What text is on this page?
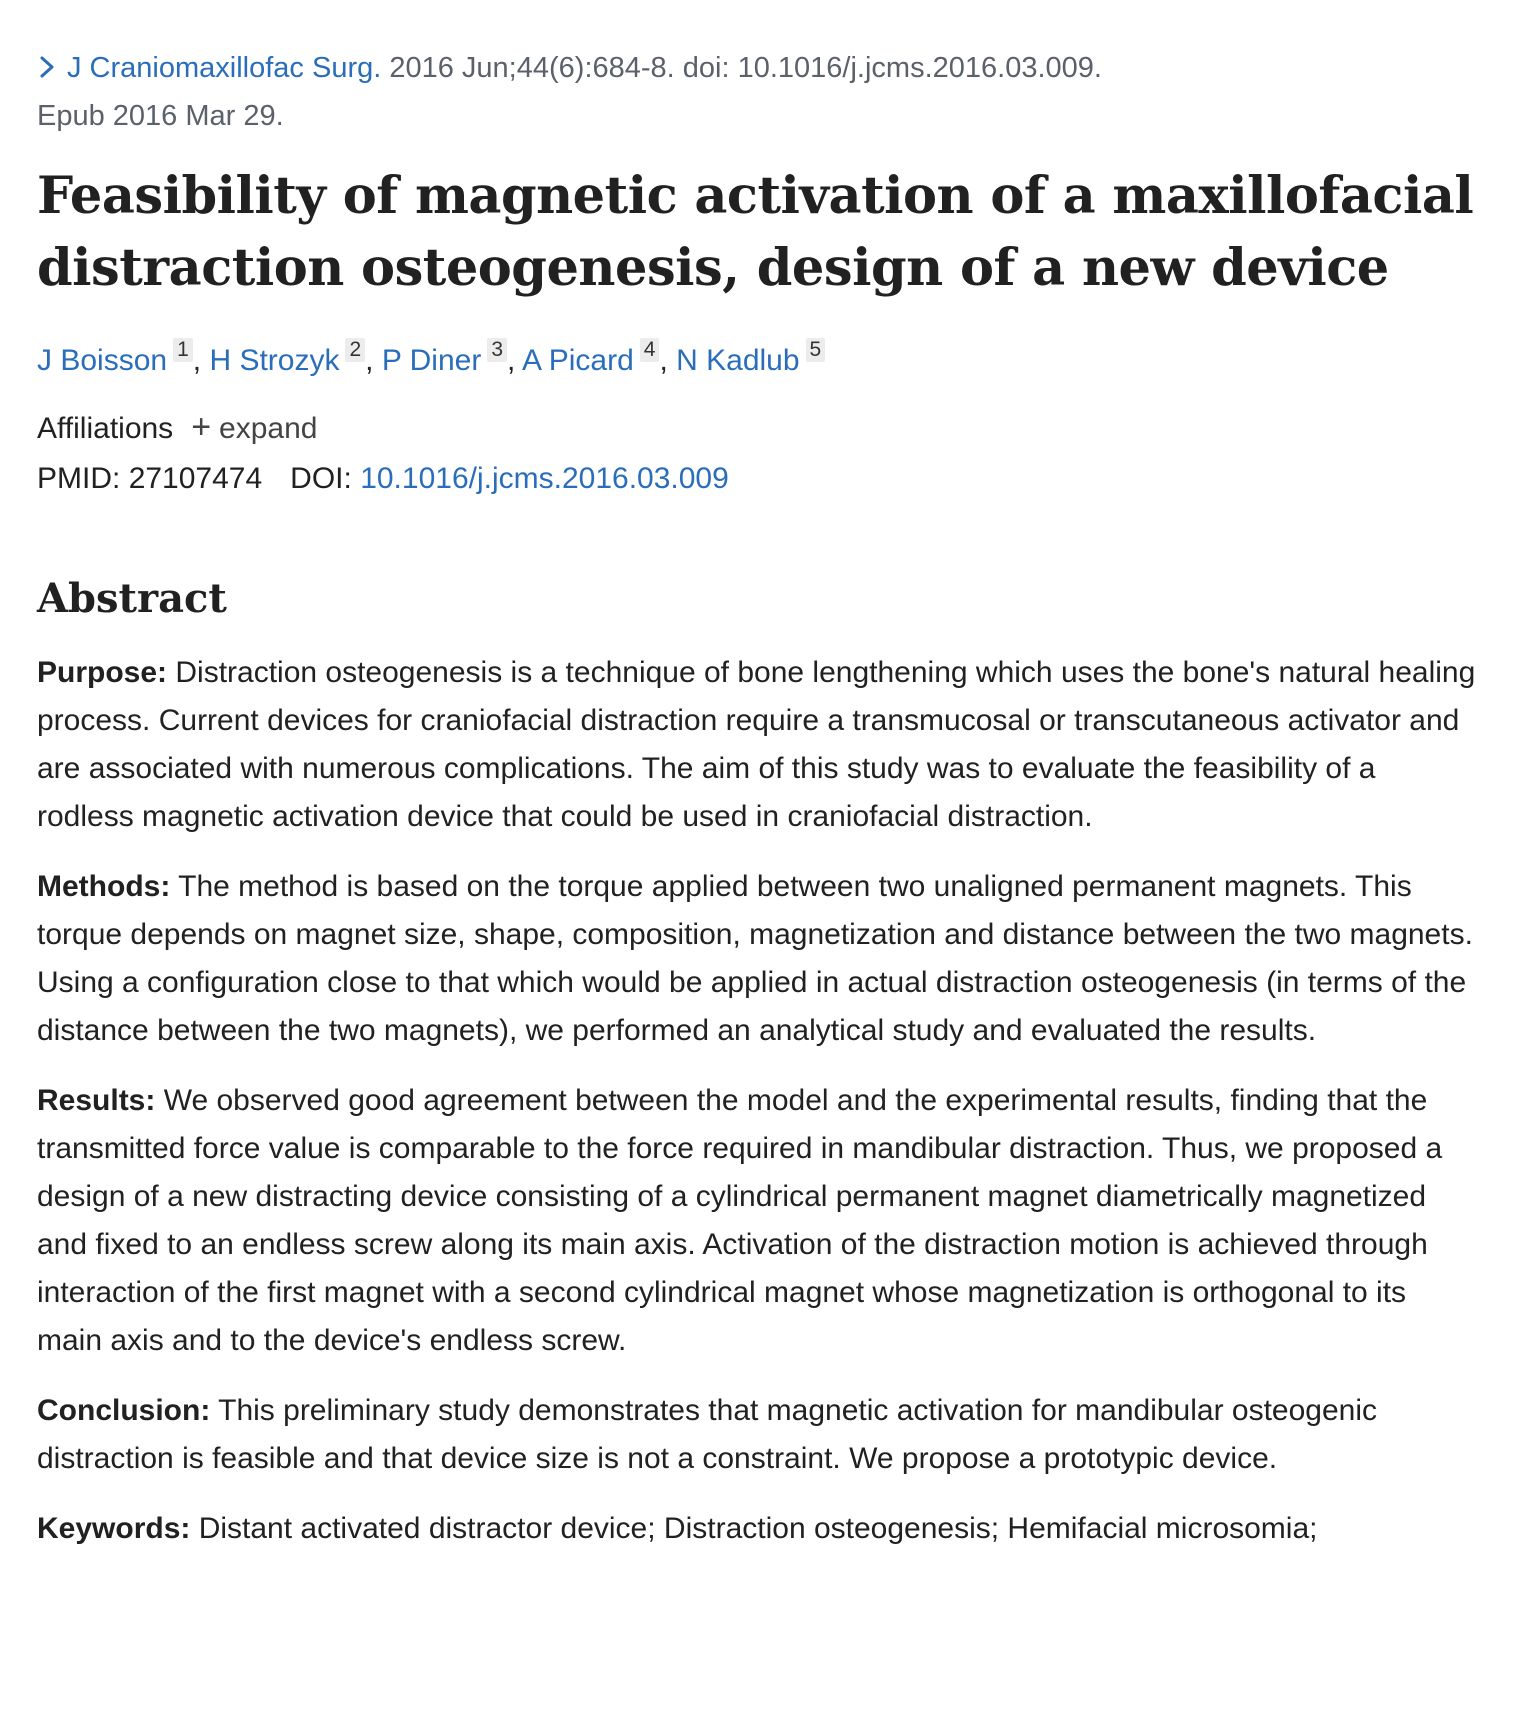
J Craniomaxillofac Surg. 2016 Jun;44(6):684-8. doi: 10.1016/j.jcms.2016.03.009.
Epub 2016 Mar 29.
Feasibility of magnetic activation of a maxillofacial distraction osteogenesis, design of a new device
J Boisson $^1$ , H Strozyk $^2$ , P Diner $^3$ , A Picard $^4$ , N Kadlub $^5$
Affiliations + expand
PMID: 27107474 DOI: 10.1016/j.jcms.2016.03.009
Abstract

Purpose: Distraction osteogenesis is a technique of bone lengthening which uses the bone's natural healing process. Current devices for craniofacial distraction require a transmucosal or transcutaneous activator and are associated with numerous complications. The aim of this study was to evaluate the feasibility of a rodless magnetic activation device that could be used in craniofacial distraction.

Methods: The method is based on the torque applied between two unaligned permanent magnets. This torque depends on magnet size, shape, composition, magnetization and distance between the two magnets. Using a configuration close to that which would be applied in actual distraction osteogenesis (in terms of the distance between the two magnets), we performed an analytical study and evaluated the results.

Results: We observed good agreement between the model and the experimental results, finding that the transmitted force value is comparable to the force required in mandibular distraction. Thus, we proposed a design of a new distracting device consisting of a cylindrical permanent magnet diametrically magnetized and fixed to an endless screw along its main axis. Activation of the distraction motion is achieved through interaction of the first magnet with a second cylindrical magnet whose magnetization is orthogonal to its main axis and to the device's endless screw.

Conclusion: This preliminary study demonstrates that magnetic activation for mandibular osteogenic distraction is feasible and that device size is not a constraint. We propose a prototypic device.

Keywords: Distant activated distractor device; Distraction osteogenesis; Hemifacial microsomia;
